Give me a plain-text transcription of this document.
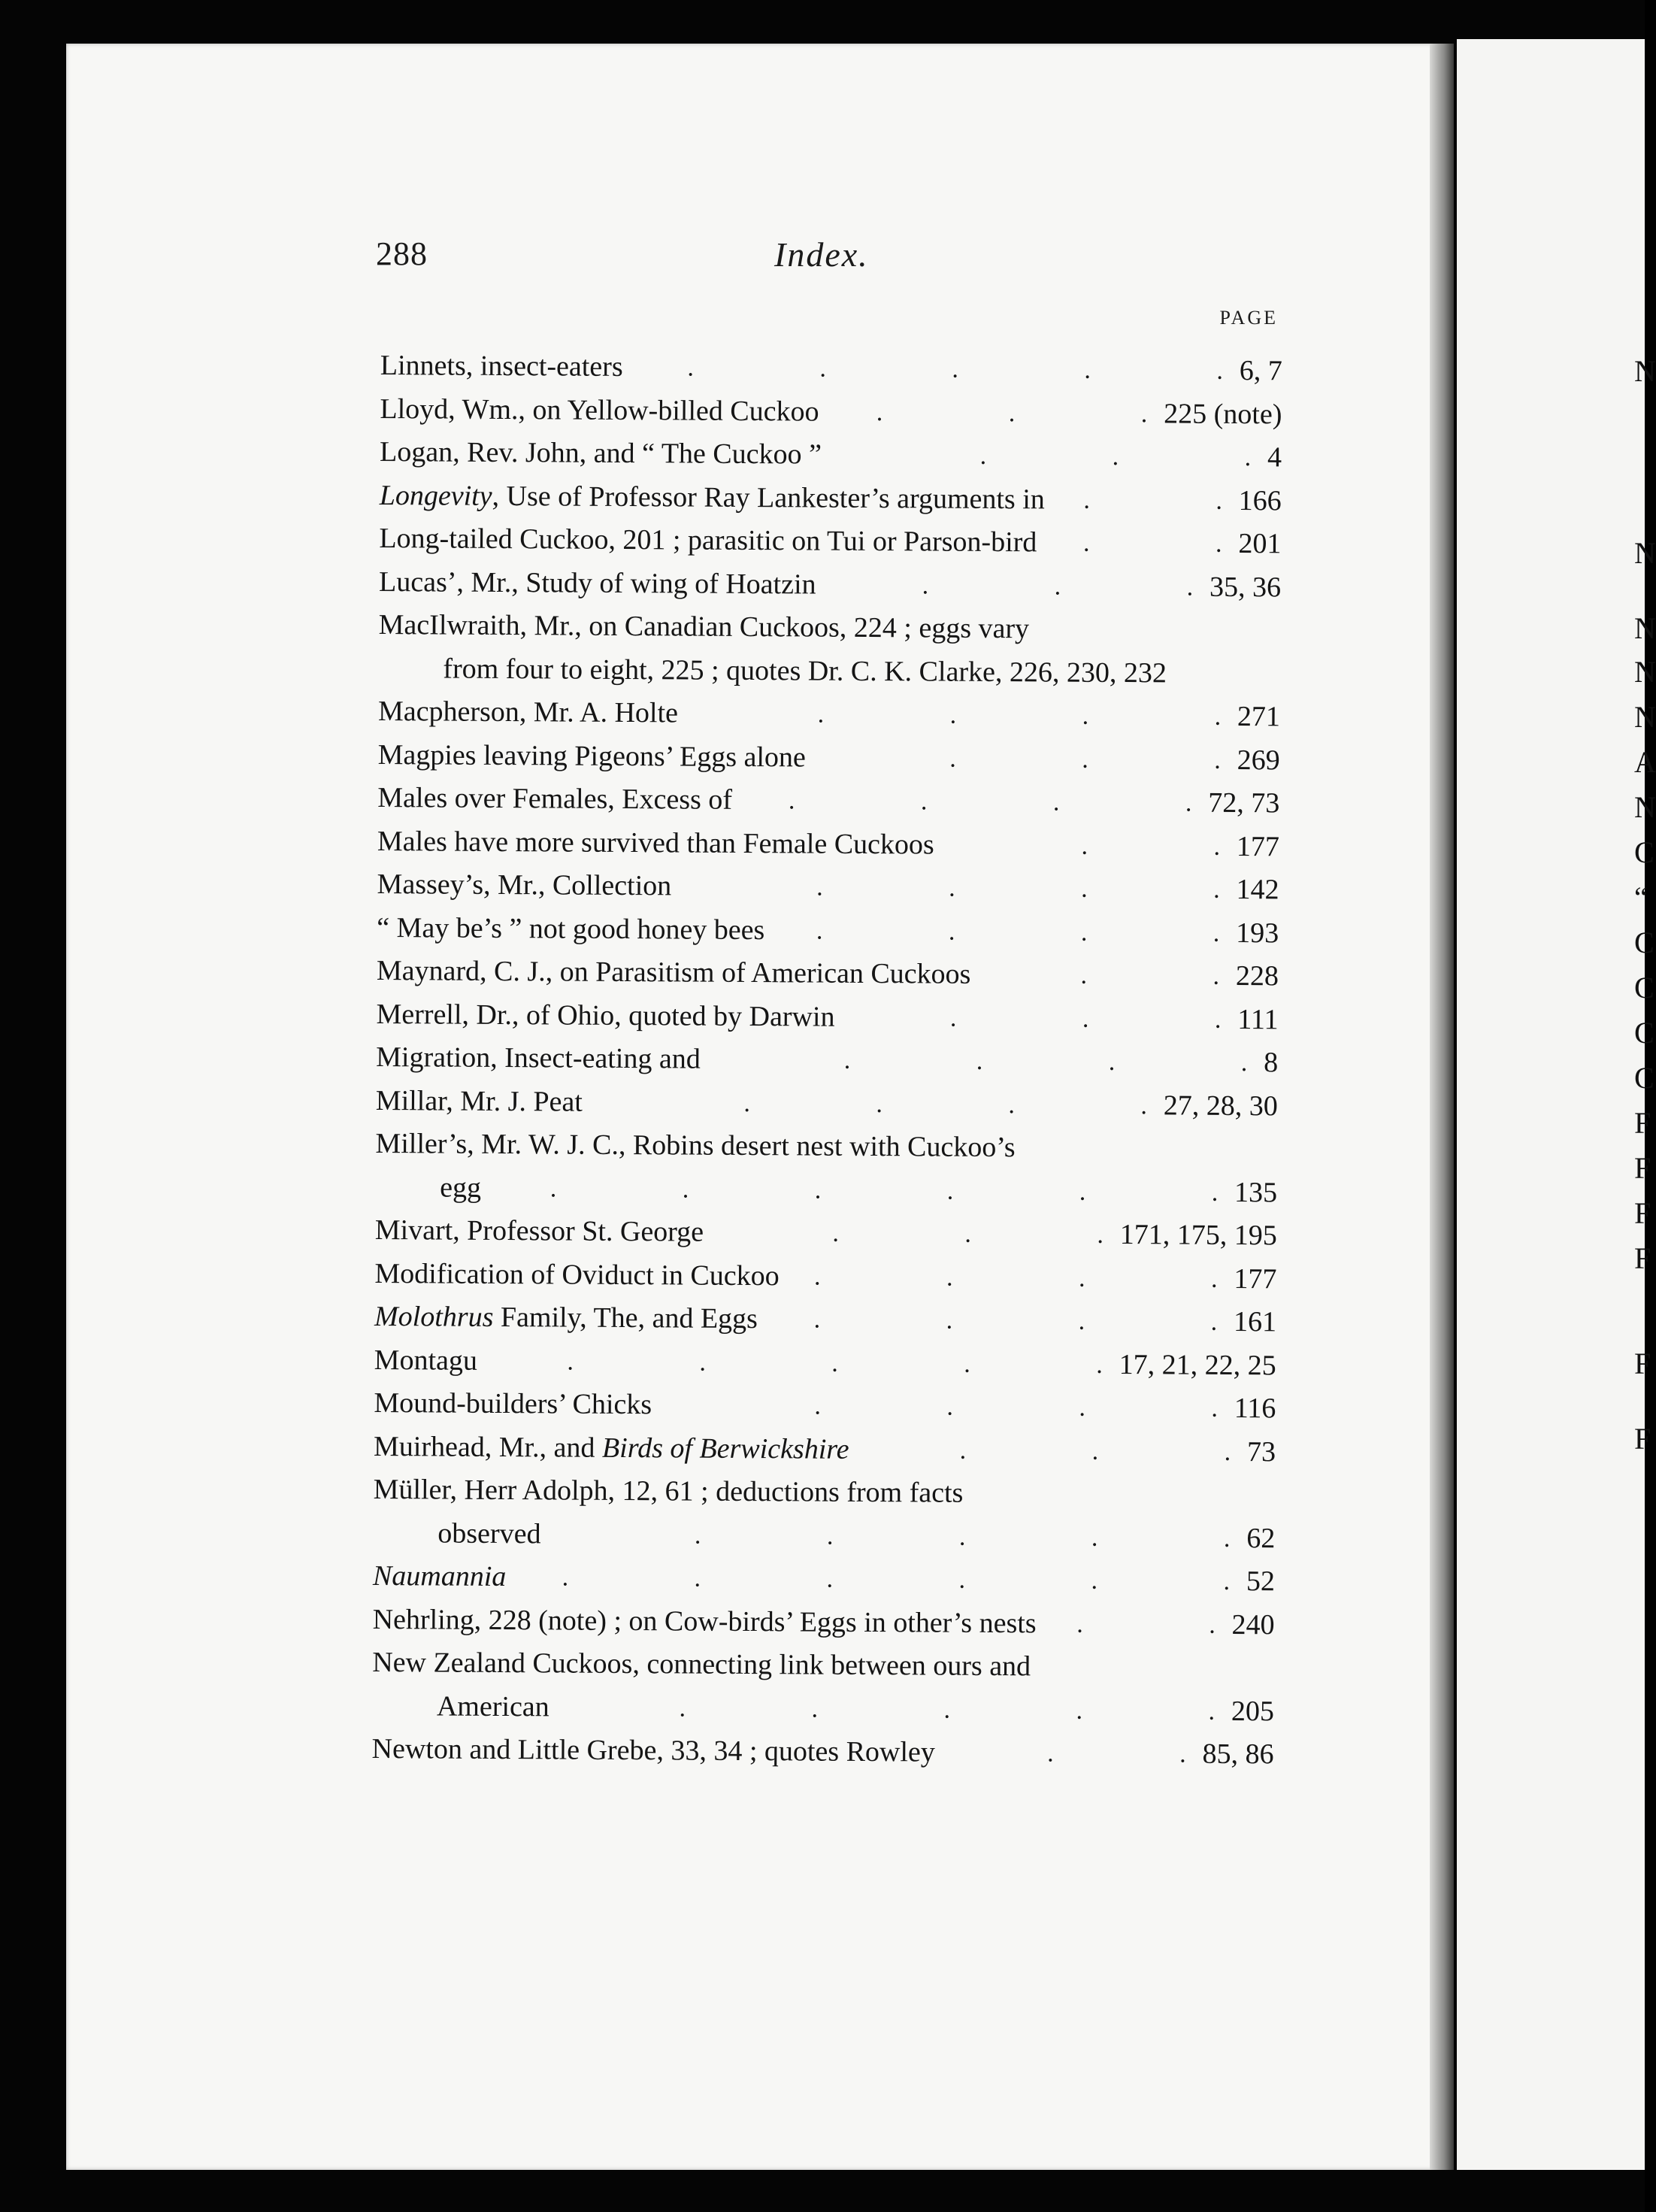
288	Index.
PAGE
Linnets, insect-eaters	6, 7
.
.
.
.
.
Lloyd, Wm., on Yellow-billed Cuckoo	225 (note)
.
.
.
Logan, Rev. John, and “ The Cuckoo ”	4
.
.
.
Longevity, Use of Professor Ray Lankester’s arguments in	166
.
.
Long-tailed Cuckoo, 201 ; parasitic on Tui or Parson-bird	201
.
.
Lucas’, Mr., Study of wing of Hoatzin	35, 36
.
.
.
MacIlwraith, Mr., on Canadian Cuckoos, 224 ; eggs vary
from four to eight, 225 ; quotes Dr. C. K. Clarke, 226, 230, 232
Macpherson, Mr. A. Holte	271
.
.
.
.
Magpies leaving Pigeons’ Eggs alone	269
.
.
.
Males over Females, Excess of	72, 73
.
.
.
.
Males have more survived than Female Cuckoos	177
.
.
Massey’s, Mr., Collection	142
.
.
.
.
“ May be’s ” not good honey bees	193
.
.
.
.
Maynard, C. J., on Parasitism of American Cuckoos	228
.
.
Merrell, Dr., of Ohio, quoted by Darwin	111
.
.
.
Migration, Insect-eating and	8
.
.
.
.
Millar, Mr. J. Peat	27, 28, 30
.
.
.
.
Miller’s, Mr. W. J. C., Robins desert nest with Cuckoo’s
egg	135
.
.
.
.
.
.
Mivart, Professor St. George	171, 175, 195
.
.
.
Modification of Oviduct in Cuckoo	177
.
.
.
.
Molothrus Family, The, and Eggs	161
.
.
.
.
Montagu	17, 21, 22, 25
.
.
.
.
.
Mound-builders’ Chicks	116
.
.
.
.
Muirhead, Mr., and Birds of Berwickshire	73
.
.
.
Müller, Herr Adolph, 12, 61 ; deductions from facts
observed	62
.
.
.
.
.
Naumannia	52
.
.
.
.
.
.
Nehrling, 228 (note) ; on Cow-birds’ Eggs in other’s nests	240
.
.
New Zealand Cuckoos, connecting link between ours and
American	205
.
.
.
.
.
Newton and Little Grebe, 33, 34 ; quotes Rowley	85, 86
.
.
N
N
N
N
N
A
N
C
“
C
C
C
C
F
F
F
F
F
F
